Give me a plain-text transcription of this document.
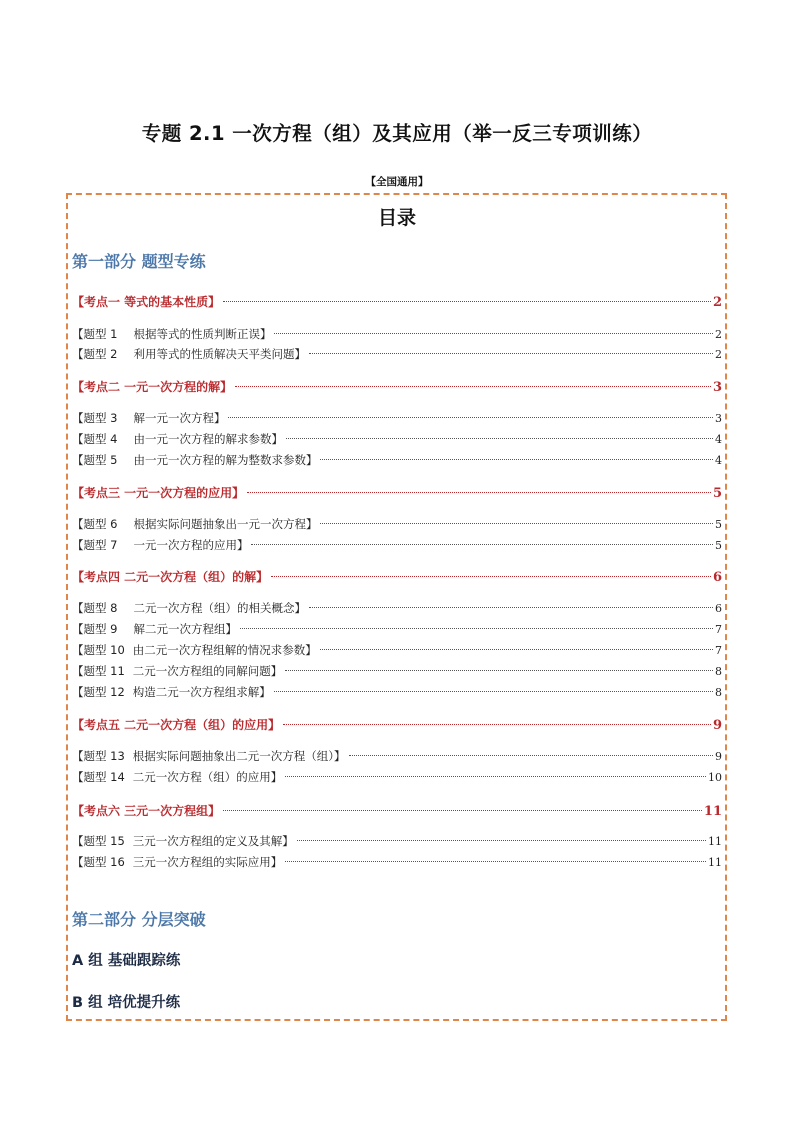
专题 2.1 一次方程（组）及其应用（举一反三专项训练）
【全国通用】
目录
第一部分 题型专练
【考点一 等式的基本性质】	2
【题型 1 根据等式的性质判断正误】	2
【题型 2 利用等式的性质解决天平类问题】	2
【考点二 一元一次方程的解】	3
【题型 3 解一元一次方程】	3
【题型 4 由一元一次方程的解求参数】	4
【题型 5 由一元一次方程的解为整数求参数】	4
【考点三 一元一次方程的应用】	5
【题型 6 根据实际问题抽象出一元一次方程】	5
【题型 7 一元一次方程的应用】	5
【考点四 二元一次方程（组）的解】	6
【题型 8 二元一次方程（组）的相关概念】	6
【题型 9 解二元一次方程组】	7
【题型 10 由二元一次方程组解的情况求参数】	7
【题型 11 二元一次方程组的同解问题】	8
【题型 12 构造二元一次方程组求解】	8
【考点五 二元一次方程（组）的应用】	9
【题型 13 根据实际问题抽象出二元一次方程（组）】	9
【题型 14 二元一次方程（组）的应用】	10
【考点六 三元一次方程组】	11
【题型 15 三元一次方程组的定义及其解】	11
【题型 16 三元一次方程组的实际应用】	11
第二部分 分层突破
A 组 基础跟踪练
B 组 培优提升练
